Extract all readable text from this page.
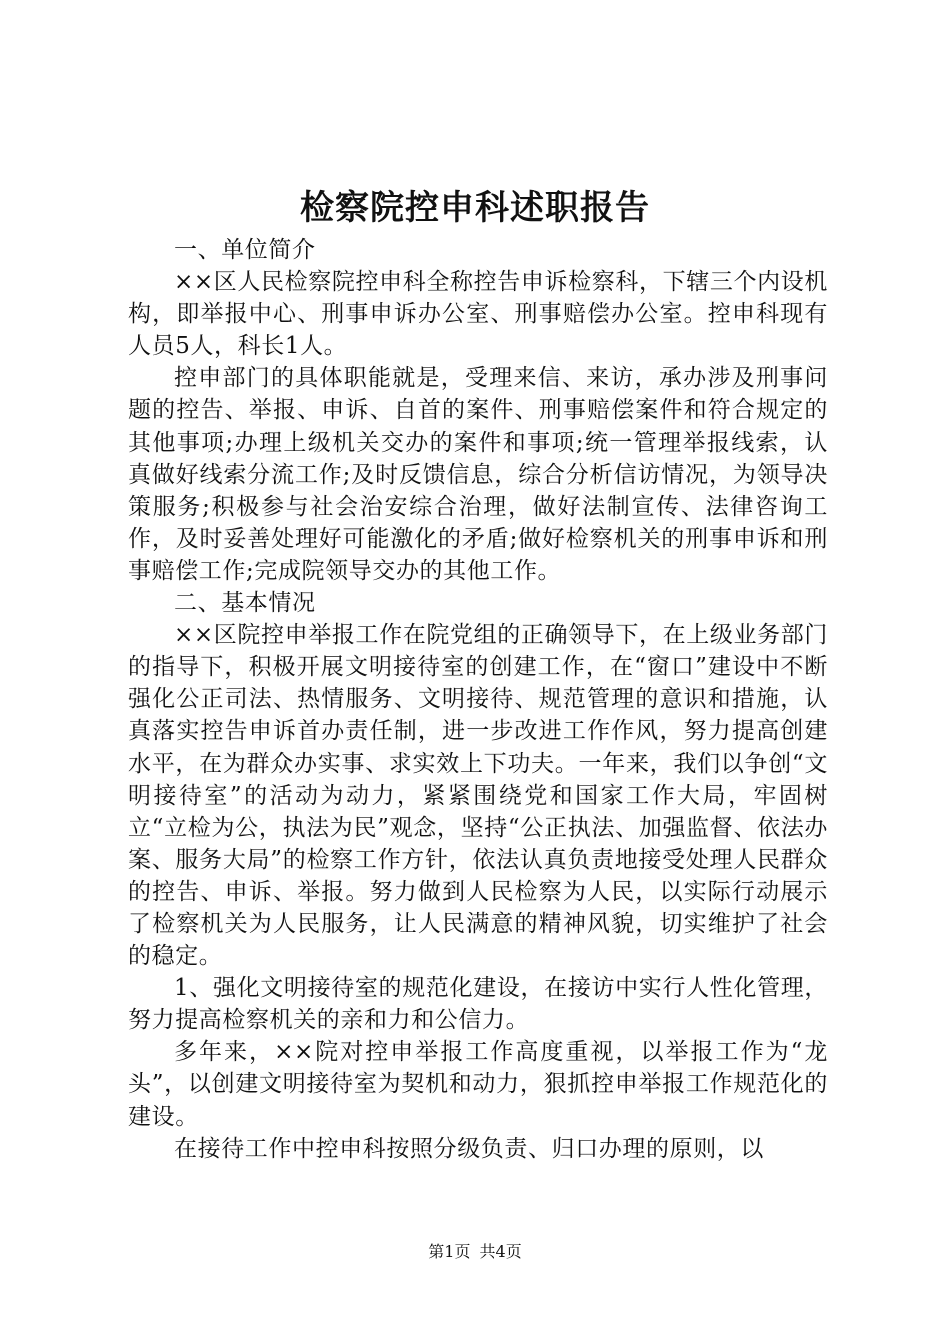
检察院控申科述职报告

一、单位简介

××区人民检察院控申科全称控告申诉检察科，下辖三个内设机构，即举报中心、刑事申诉办公室、刑事赔偿办公室。控申科现有人员5人，科长1人。

控申部门的具体职能就是，受理来信、来访，承办涉及刑事问题的控告、举报、申诉、自首的案件、刑事赔偿案件和符合规定的其他事项;办理上级机关交办的案件和事项;统一管理举报线索，认真做好线索分流工作;及时反馈信息，综合分析信访情况，为领导决策服务;积极参与社会治安综合治理，做好法制宣传、法律咨询工作，及时妥善处理好可能激化的矛盾;做好检察机关的刑事申诉和刑事赔偿工作;完成院领导交办的其他工作。

二、基本情况

××区院控申举报工作在院党组的正确领导下，在上级业务部门的指导下，积极开展文明接待室的创建工作，在“窗口”建设中不断强化公正司法、热情服务、文明接待、规范管理的意识和措施，认真落实控告申诉首办责任制，进一步改进工作作风，努力提高创建水平，在为群众办实事、求实效上下功夫。一年来，我们以争创“文明接待室”的活动为动力，紧紧围绕党和国家工作大局，牢固树立“立检为公，执法为民”观念，坚持“公正执法、加强监督、依法办案、服务大局”的检察工作方针，依法认真负责地接受处理人民群众的控告、申诉、举报。努力做到人民检察为人民，以实际行动展示了检察机关为人民服务，让人民满意的精神风貌，切实维护了社会的稳定。

1、强化文明接待室的规范化建设，在接访中实行人性化管理，努力提高检察机关的亲和力和公信力。

多年来，××院对控申举报工作高度重视，以举报工作为“龙头”，以创建文明接待室为契机和动力，狠抓控申举报工作规范化的建设。

在接待工作中控申科按照分级负责、归口办理的原则，以

第1页 共4页
